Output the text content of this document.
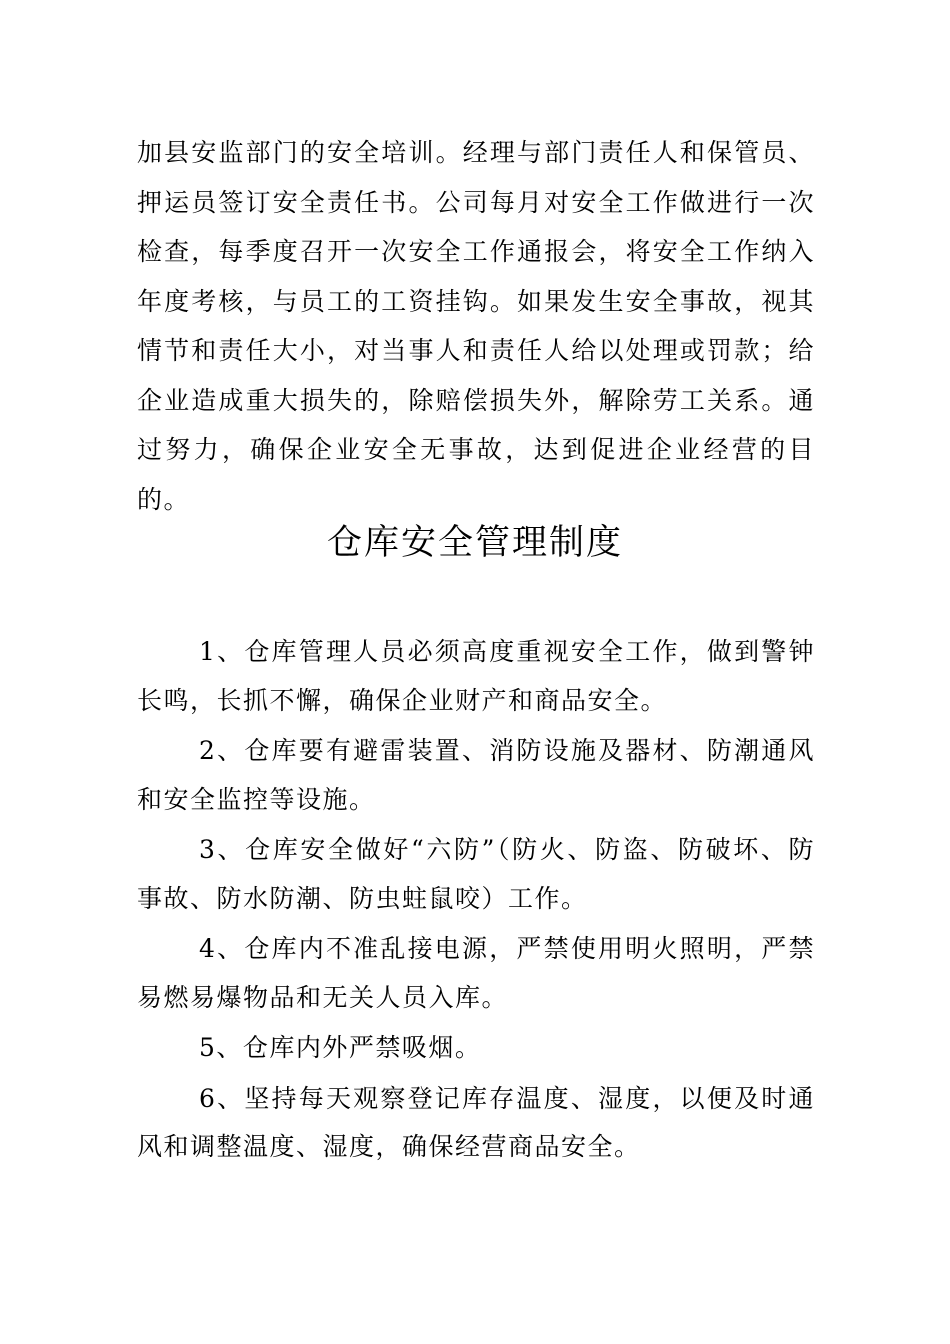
加县安监部门的安全培训。经理与部门责任人和保管员、押运员签订安全责任书。公司每月对安全工作做进行一次检查，每季度召开一次安全工作通报会，将安全工作纳入年度考核，与员工的工资挂钩。如果发生安全事故，视其情节和责任大小，对当事人和责任人给以处理或罚款；给企业造成重大损失的，除赔偿损失外，解除劳工关系。通过努力，确保企业安全无事故，达到促进企业经营的目的。

仓库安全管理制度

1、仓库管理人员必须高度重视安全工作，做到警钟长鸣，长抓不懈，确保企业财产和商品安全。

2、仓库要有避雷装置、消防设施及器材、防潮通风和安全监控等设施。

3、仓库安全做好“六防”（防火、防盗、防破坏、防事故、防水防潮、防虫蛀鼠咬）工作。

4、仓库内不准乱接电源，严禁使用明火照明，严禁易燃易爆物品和无关人员入库。

5、仓库内外严禁吸烟。

6、坚持每天观察登记库存温度、湿度，以便及时通风和调整温度、湿度，确保经营商品安全。
